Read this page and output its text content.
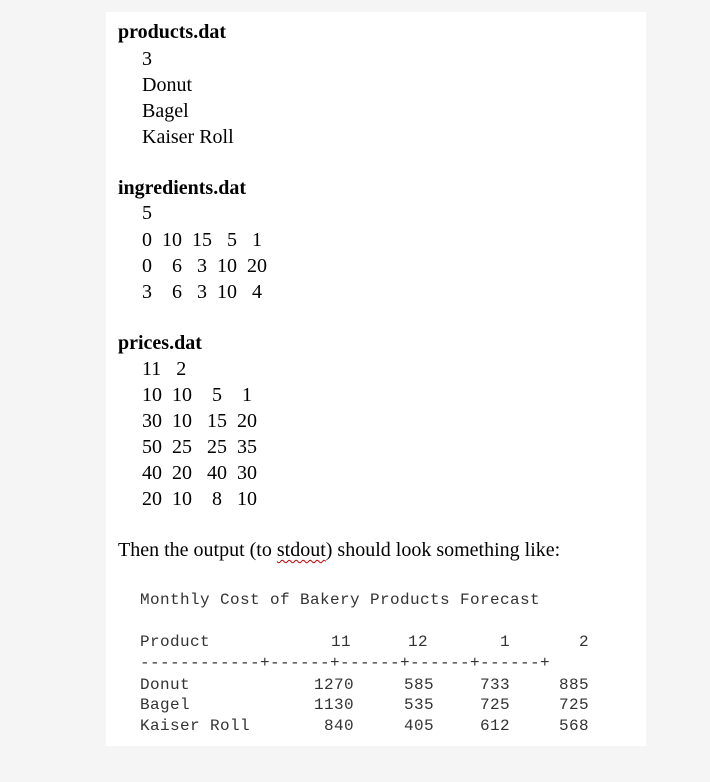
products.dat
3
Donut
Bagel
Kaiser Roll
ingredients.dat
5
0  10  15   5   1
0    6   3  10  20
3    6   3  10   4
prices.dat
11   2
10  10    5    1
30  10   15  20
50  25   25  35
40  20   40  30
20  10    8   10
Then the output (to stdout) should look something like:
Monthly Cost of Bakery Products Forecast
Product	11	12	1	2
------------+------+------+------+------+
Donut	1270	585	733	885
Bagel	1130	535	725	725
Kaiser Roll	840	405	612	568
